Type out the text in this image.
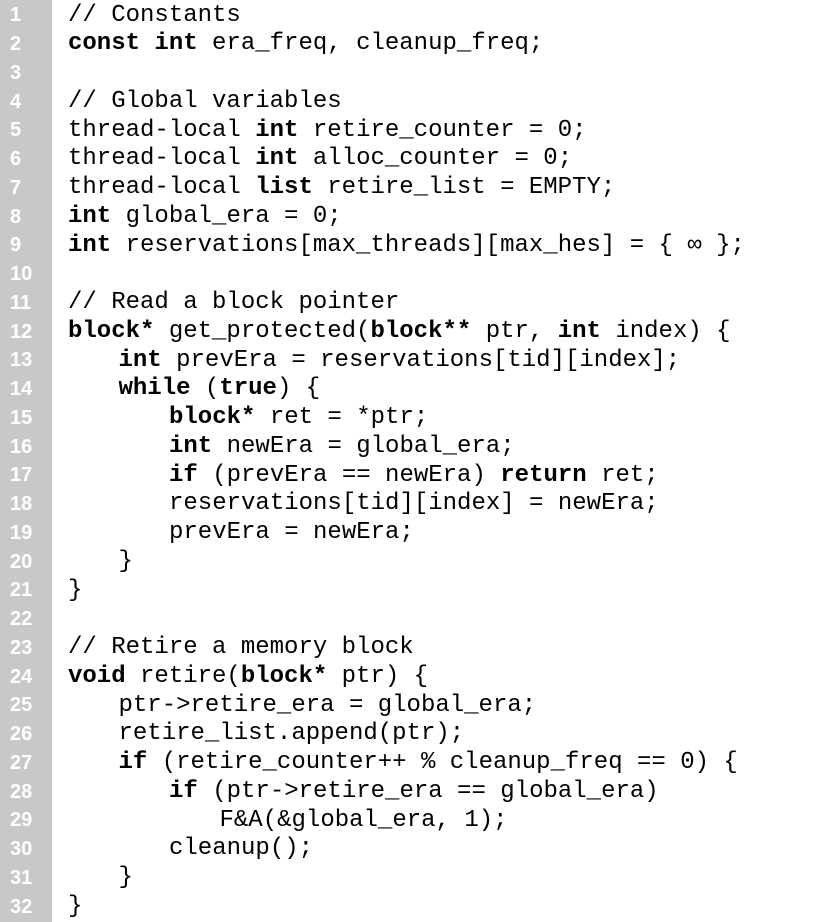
1	// Constants
2	const int era_freq, cleanup_freq;
3
4	// Global variables
5	thread-local int retire_counter = 0;
6	thread-local int alloc_counter = 0;
7	thread-local list retire_list = EMPTY;
8	int global_era = 0;
9	int reservations[max_threads][max_hes] = { ∞ };
10
11	// Read a block pointer
12	block* get_protected(block** ptr, int index) {
13	int prevEra = reservations[tid][index];
14	while (true) {
15	block* ret = *ptr;
16	int newEra = global_era;
17	if (prevEra == newEra) return ret;
18	reservations[tid][index] = newEra;
19	prevEra = newEra;
20	}
21	}
22
23	// Retire a memory block
24	void retire(block* ptr) {
25	ptr->retire_era = global_era;
26	retire_list.append(ptr);
27	if (retire_counter++ % cleanup_freq == 0) {
28	if (ptr->retire_era == global_era)
29	F&A(&global_era, 1);
30	cleanup();
31	}
32	}
